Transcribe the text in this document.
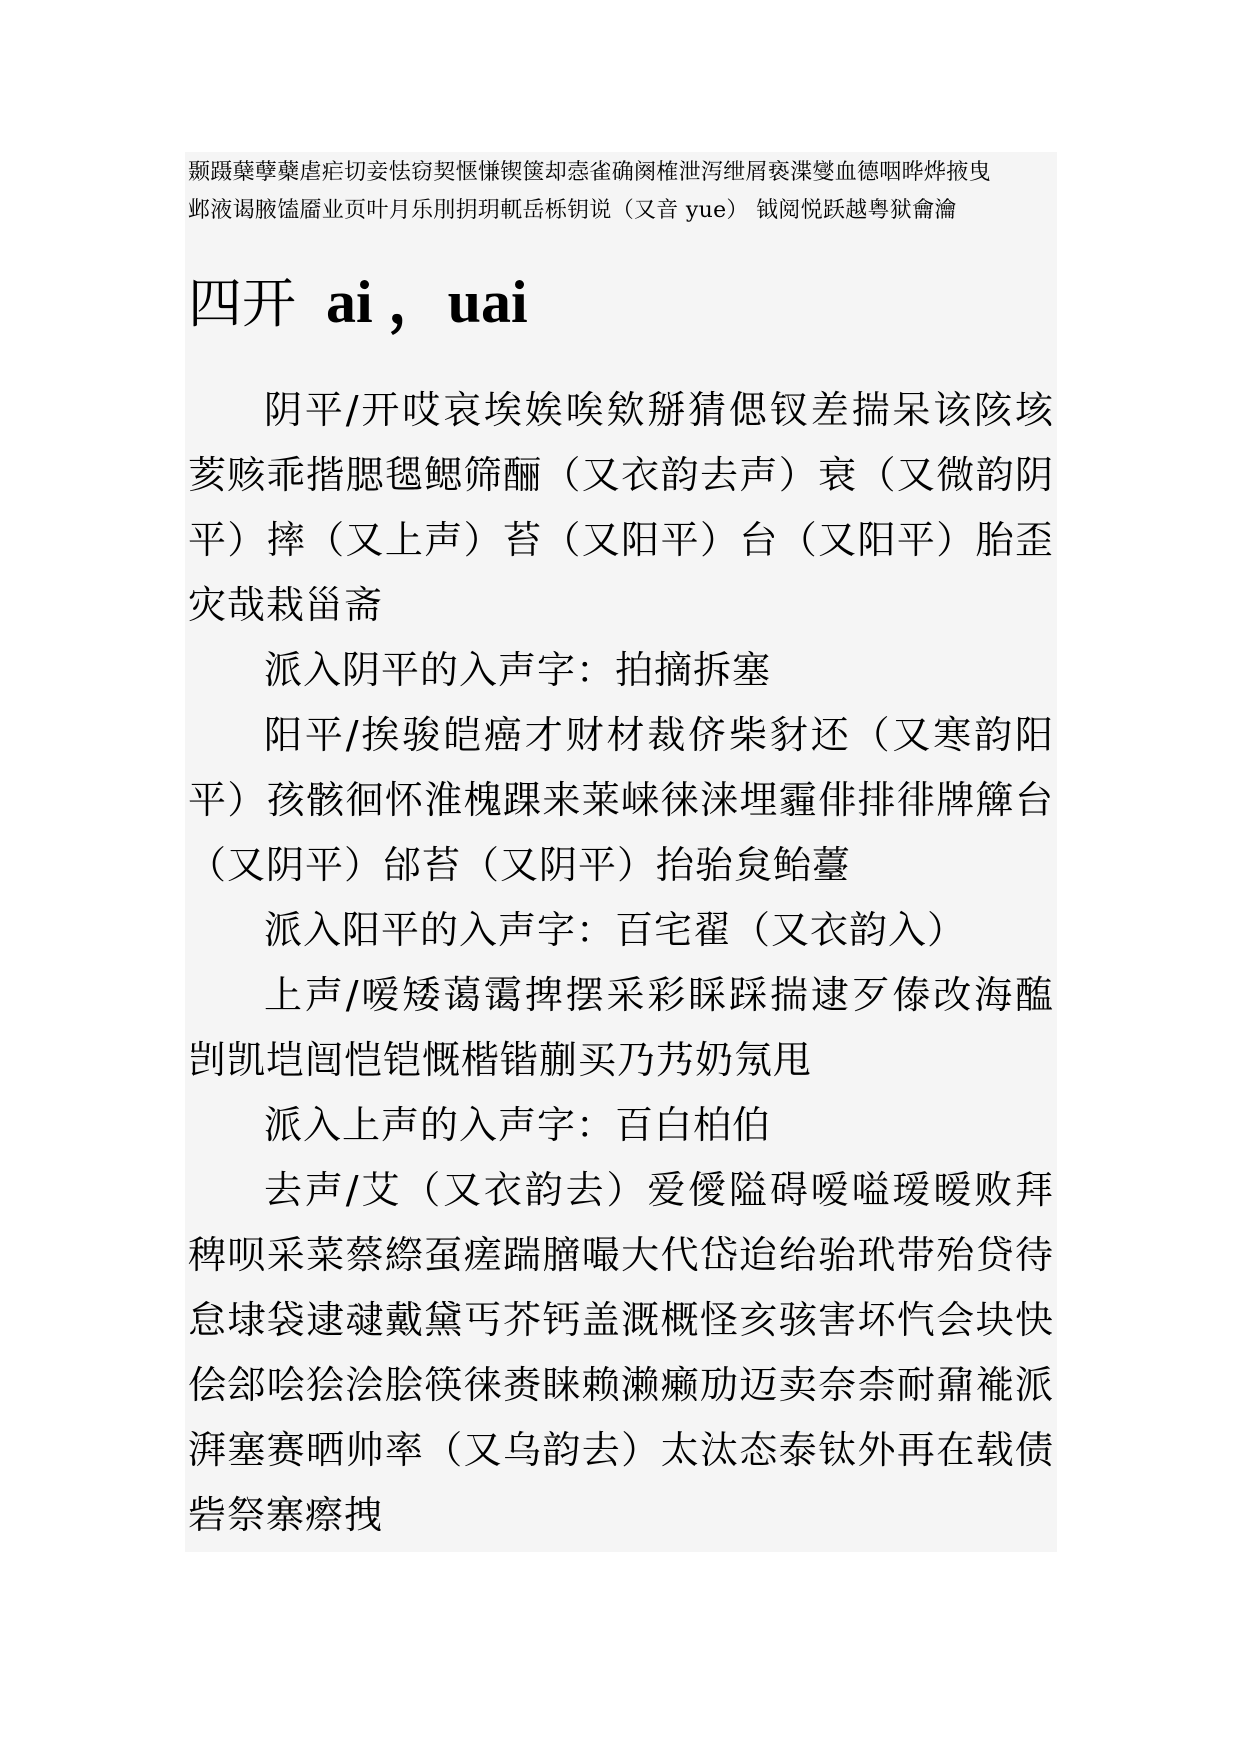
颞蹑蘖孽蘗虐疟切妾怯窃契惬慊锲箧却悫雀确阕榷泄泻绁屑亵渫燮血德咽晔烨掖曳
邺液谒腋馌靥业页叶月乐刖抈玥軏岳栎钥说（又音 yue） 钺阅悦跃越粤狱龠瀹
四开 ai ，uai

阴平/开哎哀埃娭唉欸掰猜偲钗差揣呆该陔垓荄赅乖揩腮毸鳃筛酾（又衣韵去声）衰（又微韵阴平）摔（又上声）苔（又阳平）台（又阳平）胎歪灾哉栽甾斋

派入阴平的入声字：拍摘拆塞

阳平/挨骏皑癌才财材裁侪柴豺还（又寒韵阳平）孩骸徊怀淮槐踝来莱崃徕涞埋霾俳排徘牌簰台（又阴平）邰苔（又阴平）抬骀炱鲐薹

派入阳平的入声字：百宅翟（又衣韵入）

上声/嗳矮蔼霭捭摆采彩睬踩揣逮歹傣改海醢剀凯垲闿恺铠慨楷锴蒯买乃艿奶氖甩

派入上声的入声字：百白柏伯

去声/艾（又衣韵去）爱僾隘碍嗳嗌瑷暧败拜稗呗采菜蔡縩虿瘥踹膪嘬大代岱迨绐骀玳带殆贷待怠埭袋逮叇戴黛丐芥钙盖溉概怪亥骇害坏忾会块快侩郐哙狯浍脍筷徕赉睐赖濑癞劢迈卖奈柰耐鼐褦派湃塞赛晒帅率（又乌韵去）太汰态泰钛外再在载债砦祭寨瘵拽
